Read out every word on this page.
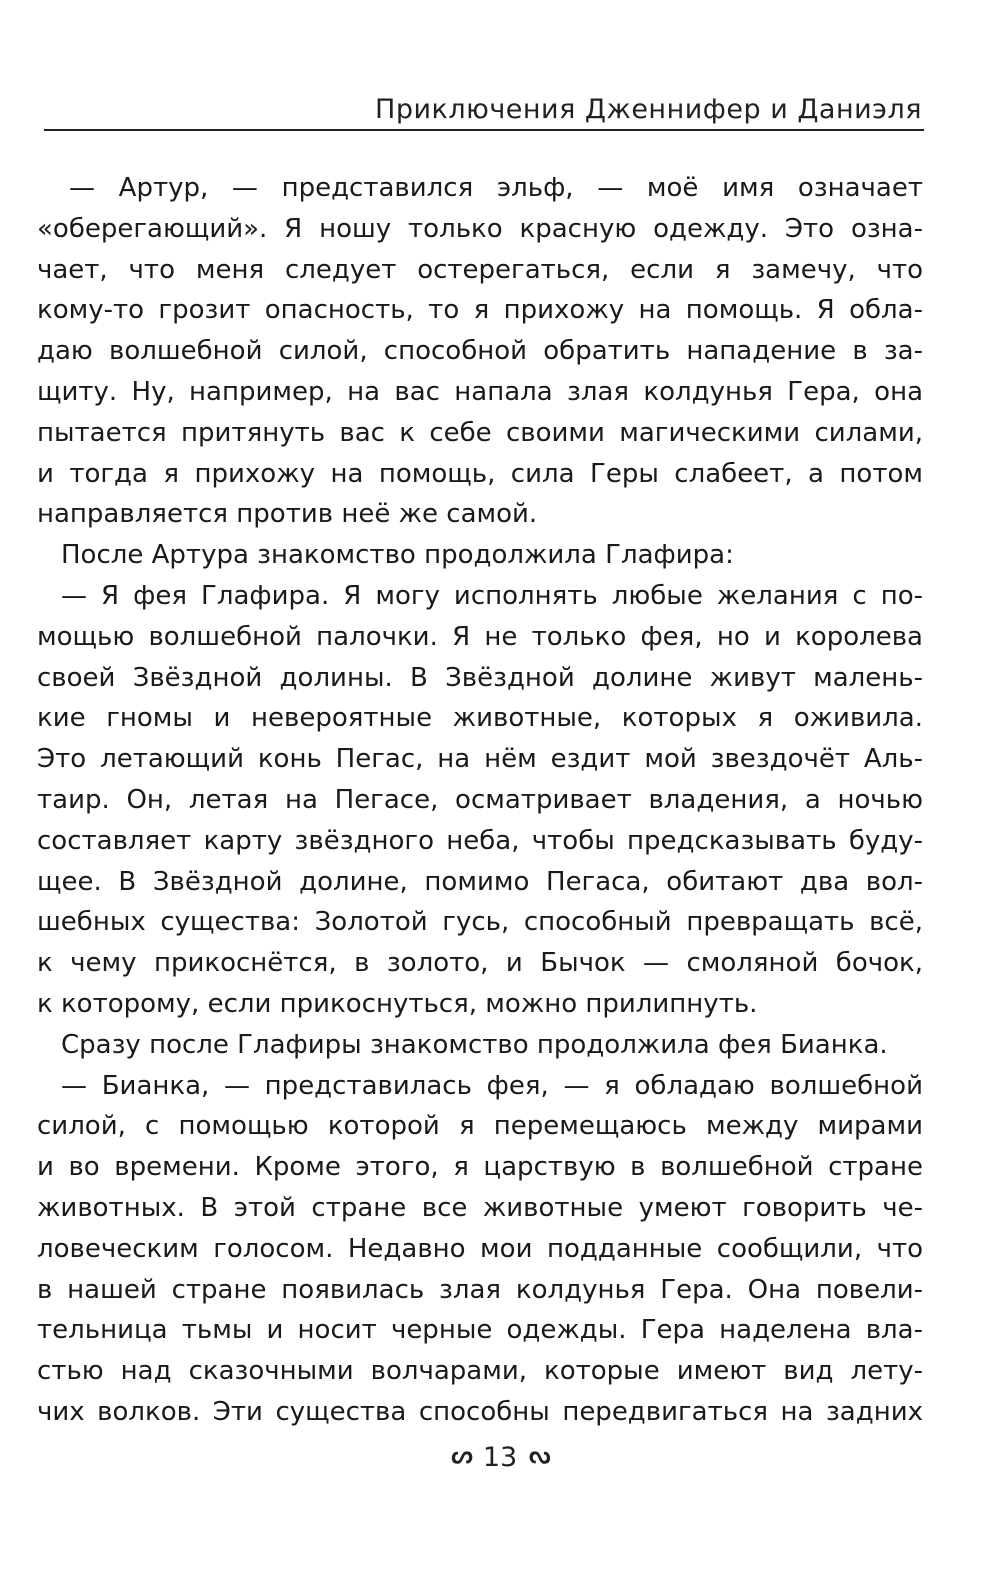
Приключения Дженнифер и Даниэля
— Артур, — представился эльф, — моё имя означает
«оберегающий». Я ношу только красную одежду. Это озна-
чает, что меня следует остерегаться, если я замечу, что
кому-то грозит опасность, то я прихожу на помощь. Я обла-
даю волшебной силой, способной обратить нападение в за-
щиту. Ну, например, на вас напала злая колдунья Гера, она
пытается притянуть вас к себе своими магическими силами,
и тогда я прихожу на помощь, сила Геры слабеет, а потом
направляется против неё же самой.
После Артура знакомство продолжила Глафира:
— Я фея Глафира. Я могу исполнять любые желания с по-
мощью волшебной палочки. Я не только фея, но и королева
своей Звёздной долины. В Звёздной долине живут малень-
кие гномы и невероятные животные, которых я оживила.
Это летающий конь Пегас, на нём ездит мой звездочёт Аль-
таир. Он, летая на Пегасе, осматривает владения, а ночью
составляет карту звёздного неба, чтобы предсказывать буду-
щее. В Звёздной долине, помимо Пегаса, обитают два вол-
шебных существа: Золотой гусь, способный превращать всё,
к чему прикоснётся, в золото, и Бычок — смоляной бочок,
к которому, если прикоснуться, можно прилипнуть.
Сразу после Глафиры знакомство продолжила фея Бианка.
— Бианка, — представилась фея, — я обладаю волшебной
силой, с помощью которой я перемещаюсь между мирами
и во времени. Кроме этого, я царствую в волшебной стране
животных. В этой стране все животные умеют говорить че-
ловеческим голосом. Недавно мои подданные сообщили, что
в нашей стране появилась злая колдунья Гера. Она повели-
тельница тьмы и носит черные одежды. Гера наделена вла-
стью над сказочными волчарами, которые имеют вид лету-
чих волков. Эти существа способны передвигаться на задних
ᔕ 13 ᔓ
